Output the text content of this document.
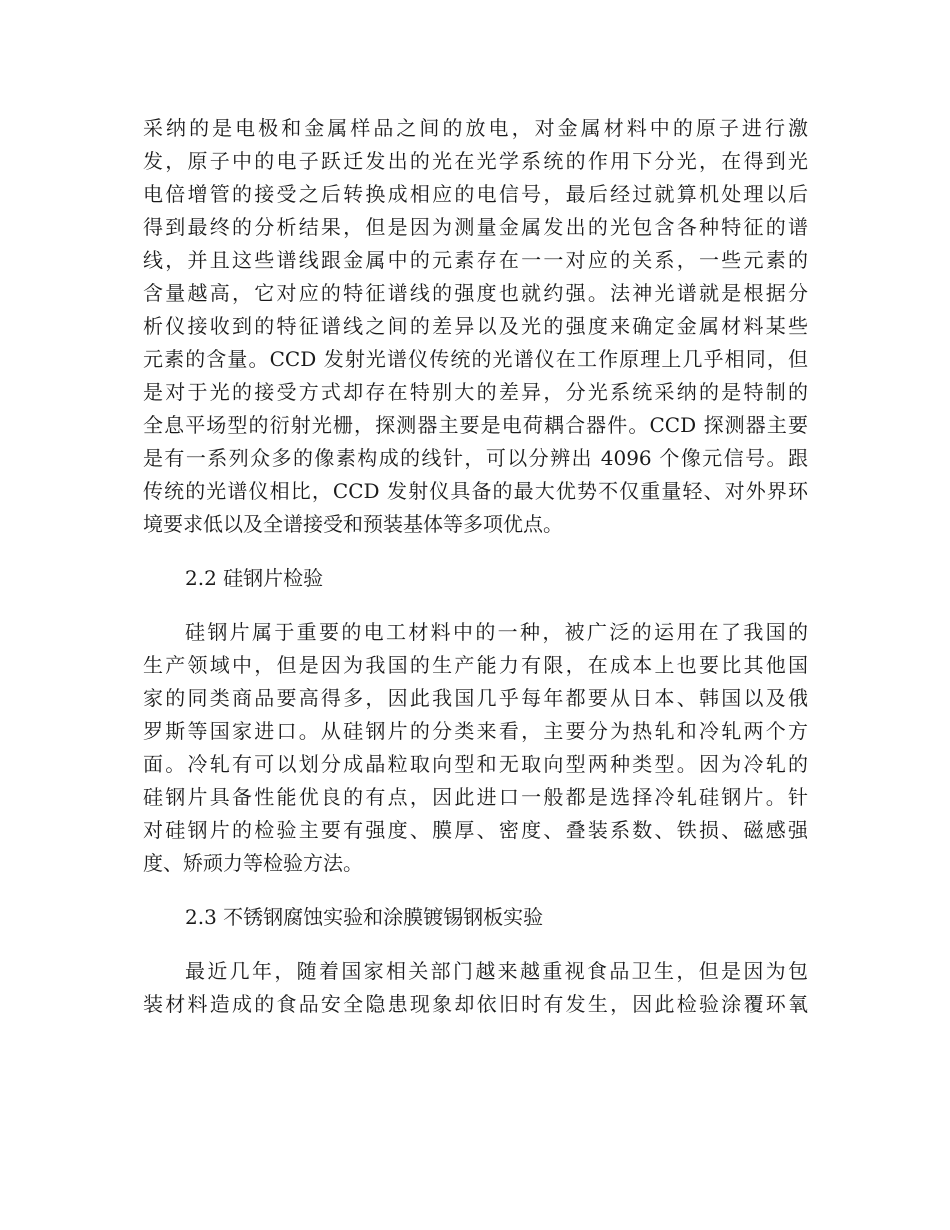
采纳的是电极和金属样品之间的放电，对金属材料中的原子进行激
发，原子中的电子跃迁发出的光在光学系统的作用下分光，在得到光
电倍增管的接受之后转换成相应的电信号，最后经过就算机处理以后
得到最终的分析结果，但是因为测量金属发出的光包含各种特征的谱
线，并且这些谱线跟金属中的元素存在一一对应的关系，一些元素的
含量越高，它对应的特征谱线的强度也就约强。法神光谱就是根据分
析仪接收到的特征谱线之间的差异以及光的强度来确定金属材料某些
元素的含量。CCD 发射光谱仪传统的光谱仪在工作原理上几乎相同，但
是对于光的接受方式却存在特别大的差异，分光系统采纳的是特制的
全息平场型的衍射光栅，探测器主要是电荷耦合器件。CCD 探测器主要
是有一系列众多的像素构成的线针，可以分辨出 4096 个像元信号。跟
传统的光谱仪相比，CCD 发射仪具备的最大优势不仅重量轻、对外界环
境要求低以及全谱接受和预装基体等多项优点。
2.2 硅钢片检验
硅钢片属于重要的电工材料中的一种，被广泛的运用在了我国的
生产领域中，但是因为我国的生产能力有限，在成本上也要比其他国
家的同类商品要高得多，因此我国几乎每年都要从日本、韩国以及俄
罗斯等国家进口。从硅钢片的分类来看，主要分为热轧和冷轧两个方
面。冷轧有可以划分成晶粒取向型和无取向型两种类型。因为冷轧的
硅钢片具备性能优良的有点，因此进口一般都是选择冷轧硅钢片。针
对硅钢片的检验主要有强度、膜厚、密度、叠装系数、铁损、磁感强
度、矫顽力等检验方法。
2.3 不锈钢腐蚀实验和涂膜镀锡钢板实验
最近几年，随着国家相关部门越来越重视食品卫生，但是因为包
装材料造成的食品安全隐患现象却依旧时有发生，因此检验涂覆环氧
